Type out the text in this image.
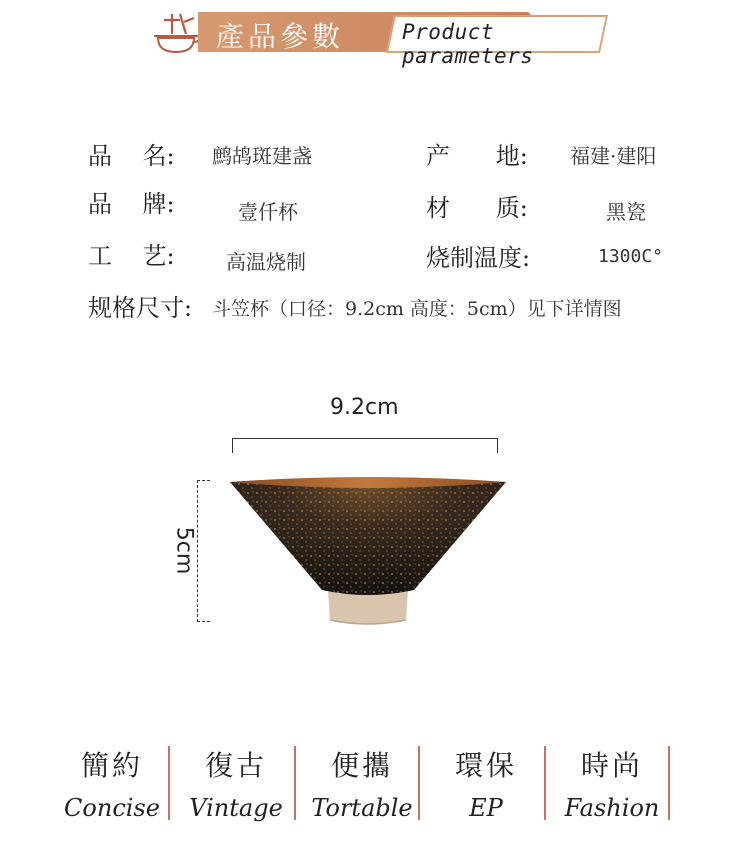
產品參數	Product parameters
品    名: 鹧鸪斑建盏	产      地: 福建·建阳
品    牌:	壹仟杯	材      质:	黑瓷
工    艺:	高温烧制	烧制温度:	1300C°
规格尺寸: 斗笠杯（口径：9.2cm 高度：5cm）见下详情图
9.2cm
5cm
簡約
Concise
復古
Vintage
便攜
Tortable
環保
EP
時尚
Fashion
